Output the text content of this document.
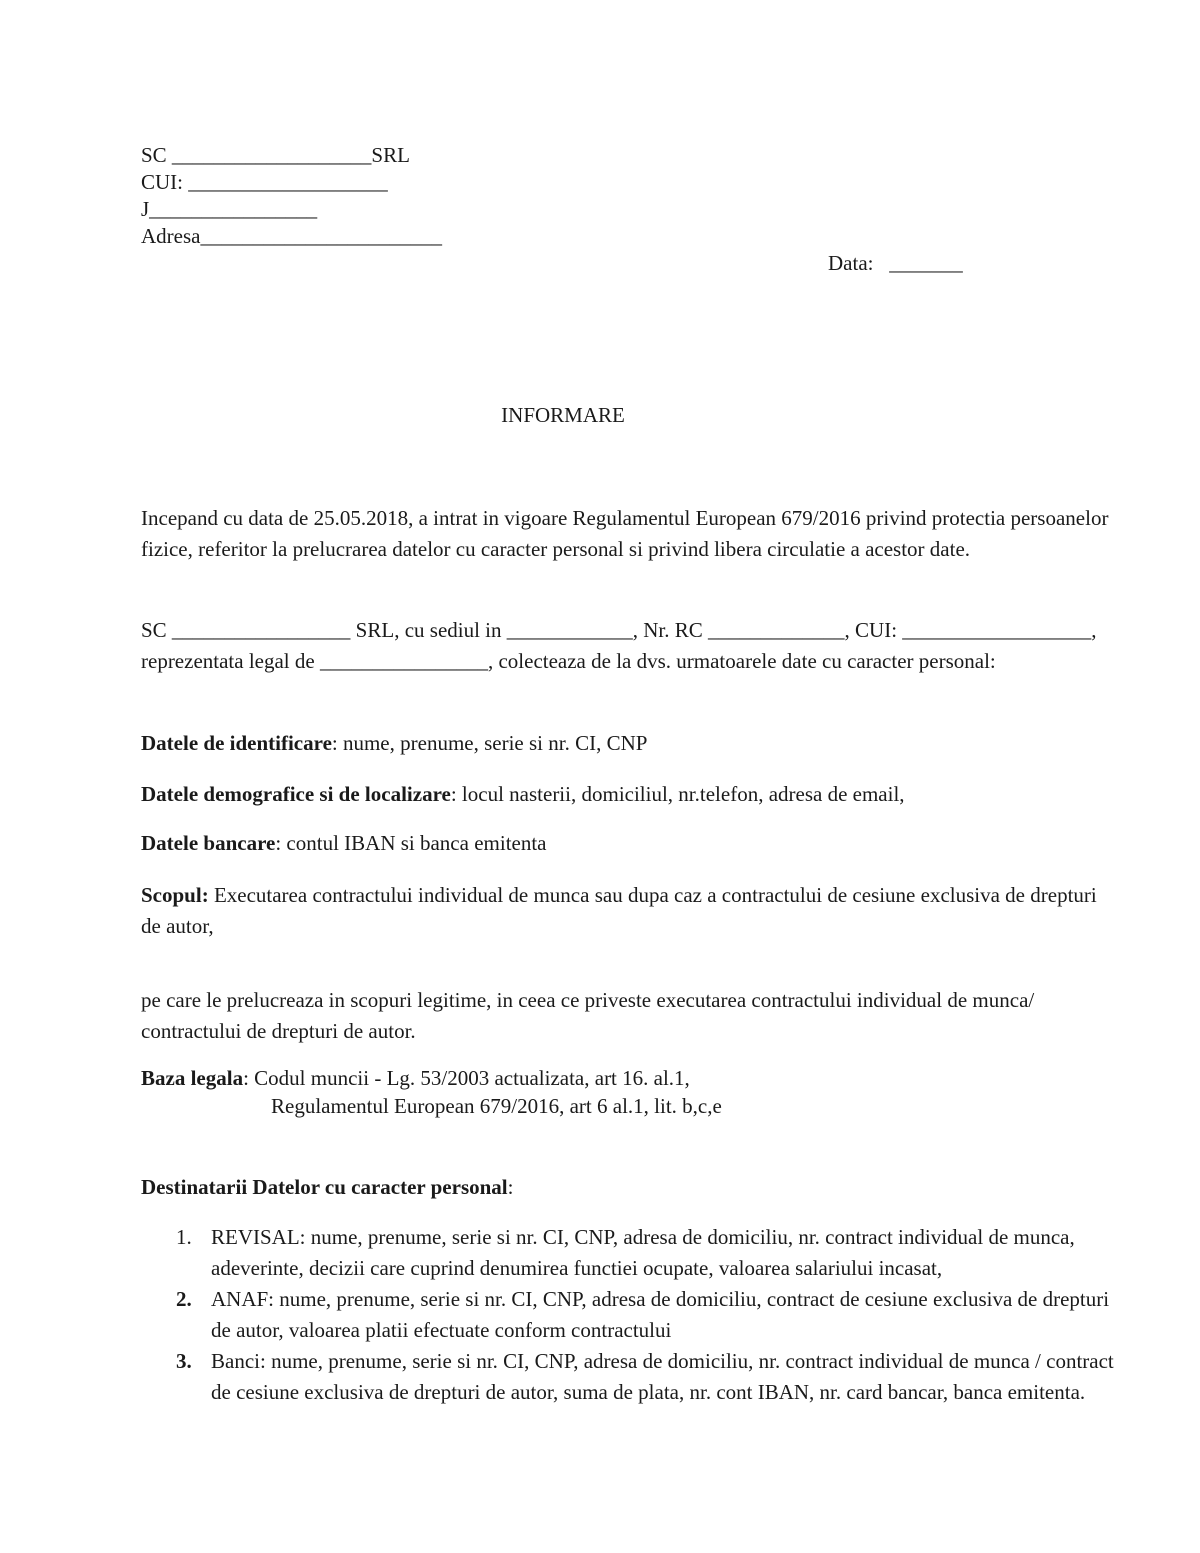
SC ___________________SRL
CUI: ___________________
J________________
Adresa_______________________
Data:   _______
INFORMARE
Incepand cu data de 25.05.2018, a intrat in vigoare Regulamentul European 679/2016 privind protectia persoanelor fizice, referitor la prelucrarea datelor cu caracter personal si privind libera circulatie a acestor date.
SC _________________ SRL, cu sediul in ____________, Nr. RC _____________, CUI: __________________, reprezentata legal de ________________, colecteaza de la dvs. urmatoarele date cu caracter personal:
Datele de identificare: nume, prenume, serie si nr. CI, CNP
Datele demografice si de localizare: locul nasterii, domiciliul, nr.telefon, adresa de email,
Datele bancare: contul IBAN si banca emitenta
Scopul: Executarea contractului individual de munca sau dupa caz a contractului de cesiune exclusiva de drepturi de autor,
pe care le prelucreaza in scopuri legitime, in ceea ce priveste executarea contractului individual de munca/ contractului de drepturi de autor.
Baza legala: Codul muncii - Lg. 53/2003 actualizata, art 16. al.1,
Regulamentul European 679/2016, art 6 al.1, lit. b,c,e
Destinatarii Datelor cu caracter personal:
1. REVISAL: nume, prenume, serie si nr. CI, CNP, adresa de domiciliu, nr. contract individual de munca, adeverinte, decizii care cuprind denumirea functiei ocupate, valoarea salariului incasat,
2. ANAF: nume, prenume, serie si nr. CI, CNP, adresa de domiciliu, contract de cesiune exclusiva de drepturi de autor, valoarea platii efectuate conform contractului
3. Banci: nume, prenume, serie si nr. CI, CNP, adresa de domiciliu, nr. contract individual de munca / contract de cesiune exclusiva de drepturi de autor, suma de plata, nr. cont IBAN, nr. card bancar, banca emitenta.
